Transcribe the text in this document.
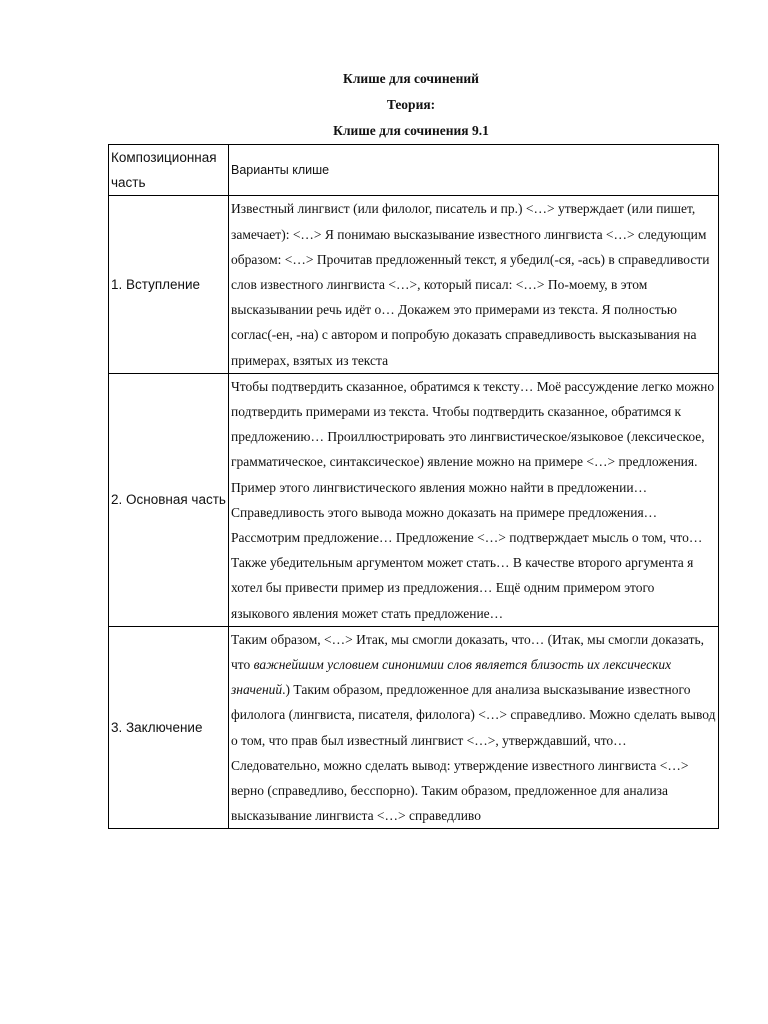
Клише для сочинений

Теория:

Клише для сочинения 9.1

Композиционная часть	Варианты клише
1. Вступление	Известный лингвист (или филолог, писатель и пр.) <…> утверждает (или пишет, замечает): <…> Я понимаю высказывание известного лингвиста <…> следующим образом: <…> Прочитав предложенный текст, я убедил(-ся, -ась) в справедливости слов известного лингвиста <…>, который писал: <…> По-моему, в этом высказывании речь идёт о… Докажем это примерами из текста. Я полностью соглас(-ен, -на) с автором и попробую доказать справедливость высказывания на примерах, взятых из текста

2. Основная часть	Чтобы подтвердить сказанное, обратимся к тексту… Моё рассуждение легко можно подтвердить примерами из текста. Чтобы подтвердить сказанное, обратимся к предложению… Проиллюстрировать это лингвистическое/языковое (лексическое, грамматическое, синтаксическое) явление можно на примере <…> предложения. Пример этого лингвистического явления можно найти в предложении… Справедливость этого вывода можно доказать на примере предложения… Рассмотрим предложение… Предложение <…> подтверждает мысль о том, что… Также убедительным аргументом может стать… В качестве второго аргумента я хотел бы привести пример из предложения… Ещё одним примером этого языкового явления может стать предложение…

3. Заключение	Таким образом, <…> Итак, мы смогли доказать, что… (Итак, мы смогли доказать, что важнейшим условием синонимии слов является близость их лексических значений.) Таким образом, предложенное для анализа высказывание известного филолога (лингвиста, писателя, филолога) <…> справедливо. Можно сделать вывод о том, что прав был известный лингвист <…>, утверждавший, что… Следовательно, можно сделать вывод: утверждение известного лингвиста <…> верно (справедливо, бесспорно). Таким образом, предложенное для анализа высказывание лингвиста <…> справедливо
